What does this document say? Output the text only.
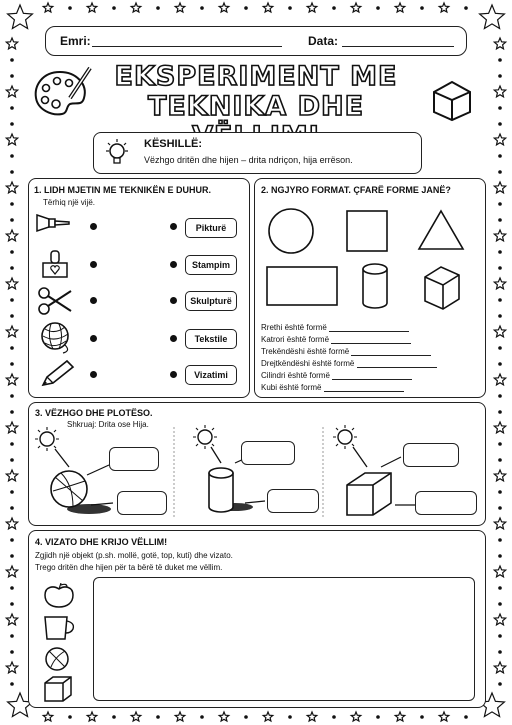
Emri:	Data:
EKSPERIMENT ME
TEKNIKA DHE
KËSHILLË:
Vëzhgo dritën dhe hijen – drita ndriçon, hija errëson.
1. LIDH MJETIN ME TEKNIKËN E DUHUR.
Tërhiq një vijë.
Pikturë
Stampim
Skulpturë
Tekstile
Vizatimi
2. NGJYRO FORMAT. ÇFARË FORME JANË?
Rrethi është formë
Katrori është formë
Trekëndëshi është formë
Drejtkëndëshi është formë
Cilindri është formë
Kubi është formë
3. VËZHGO DHE PLOTËSO.
Shkruaj: Drita ose Hija.
4. VIZATO DHE KRIJO VËLLIM!
Zgjidh një objekt (p.sh. mollë, gotë, top, kuti) dhe vizato.
Trego dritën dhe hijen për ta bërë të duket me vëllim.
